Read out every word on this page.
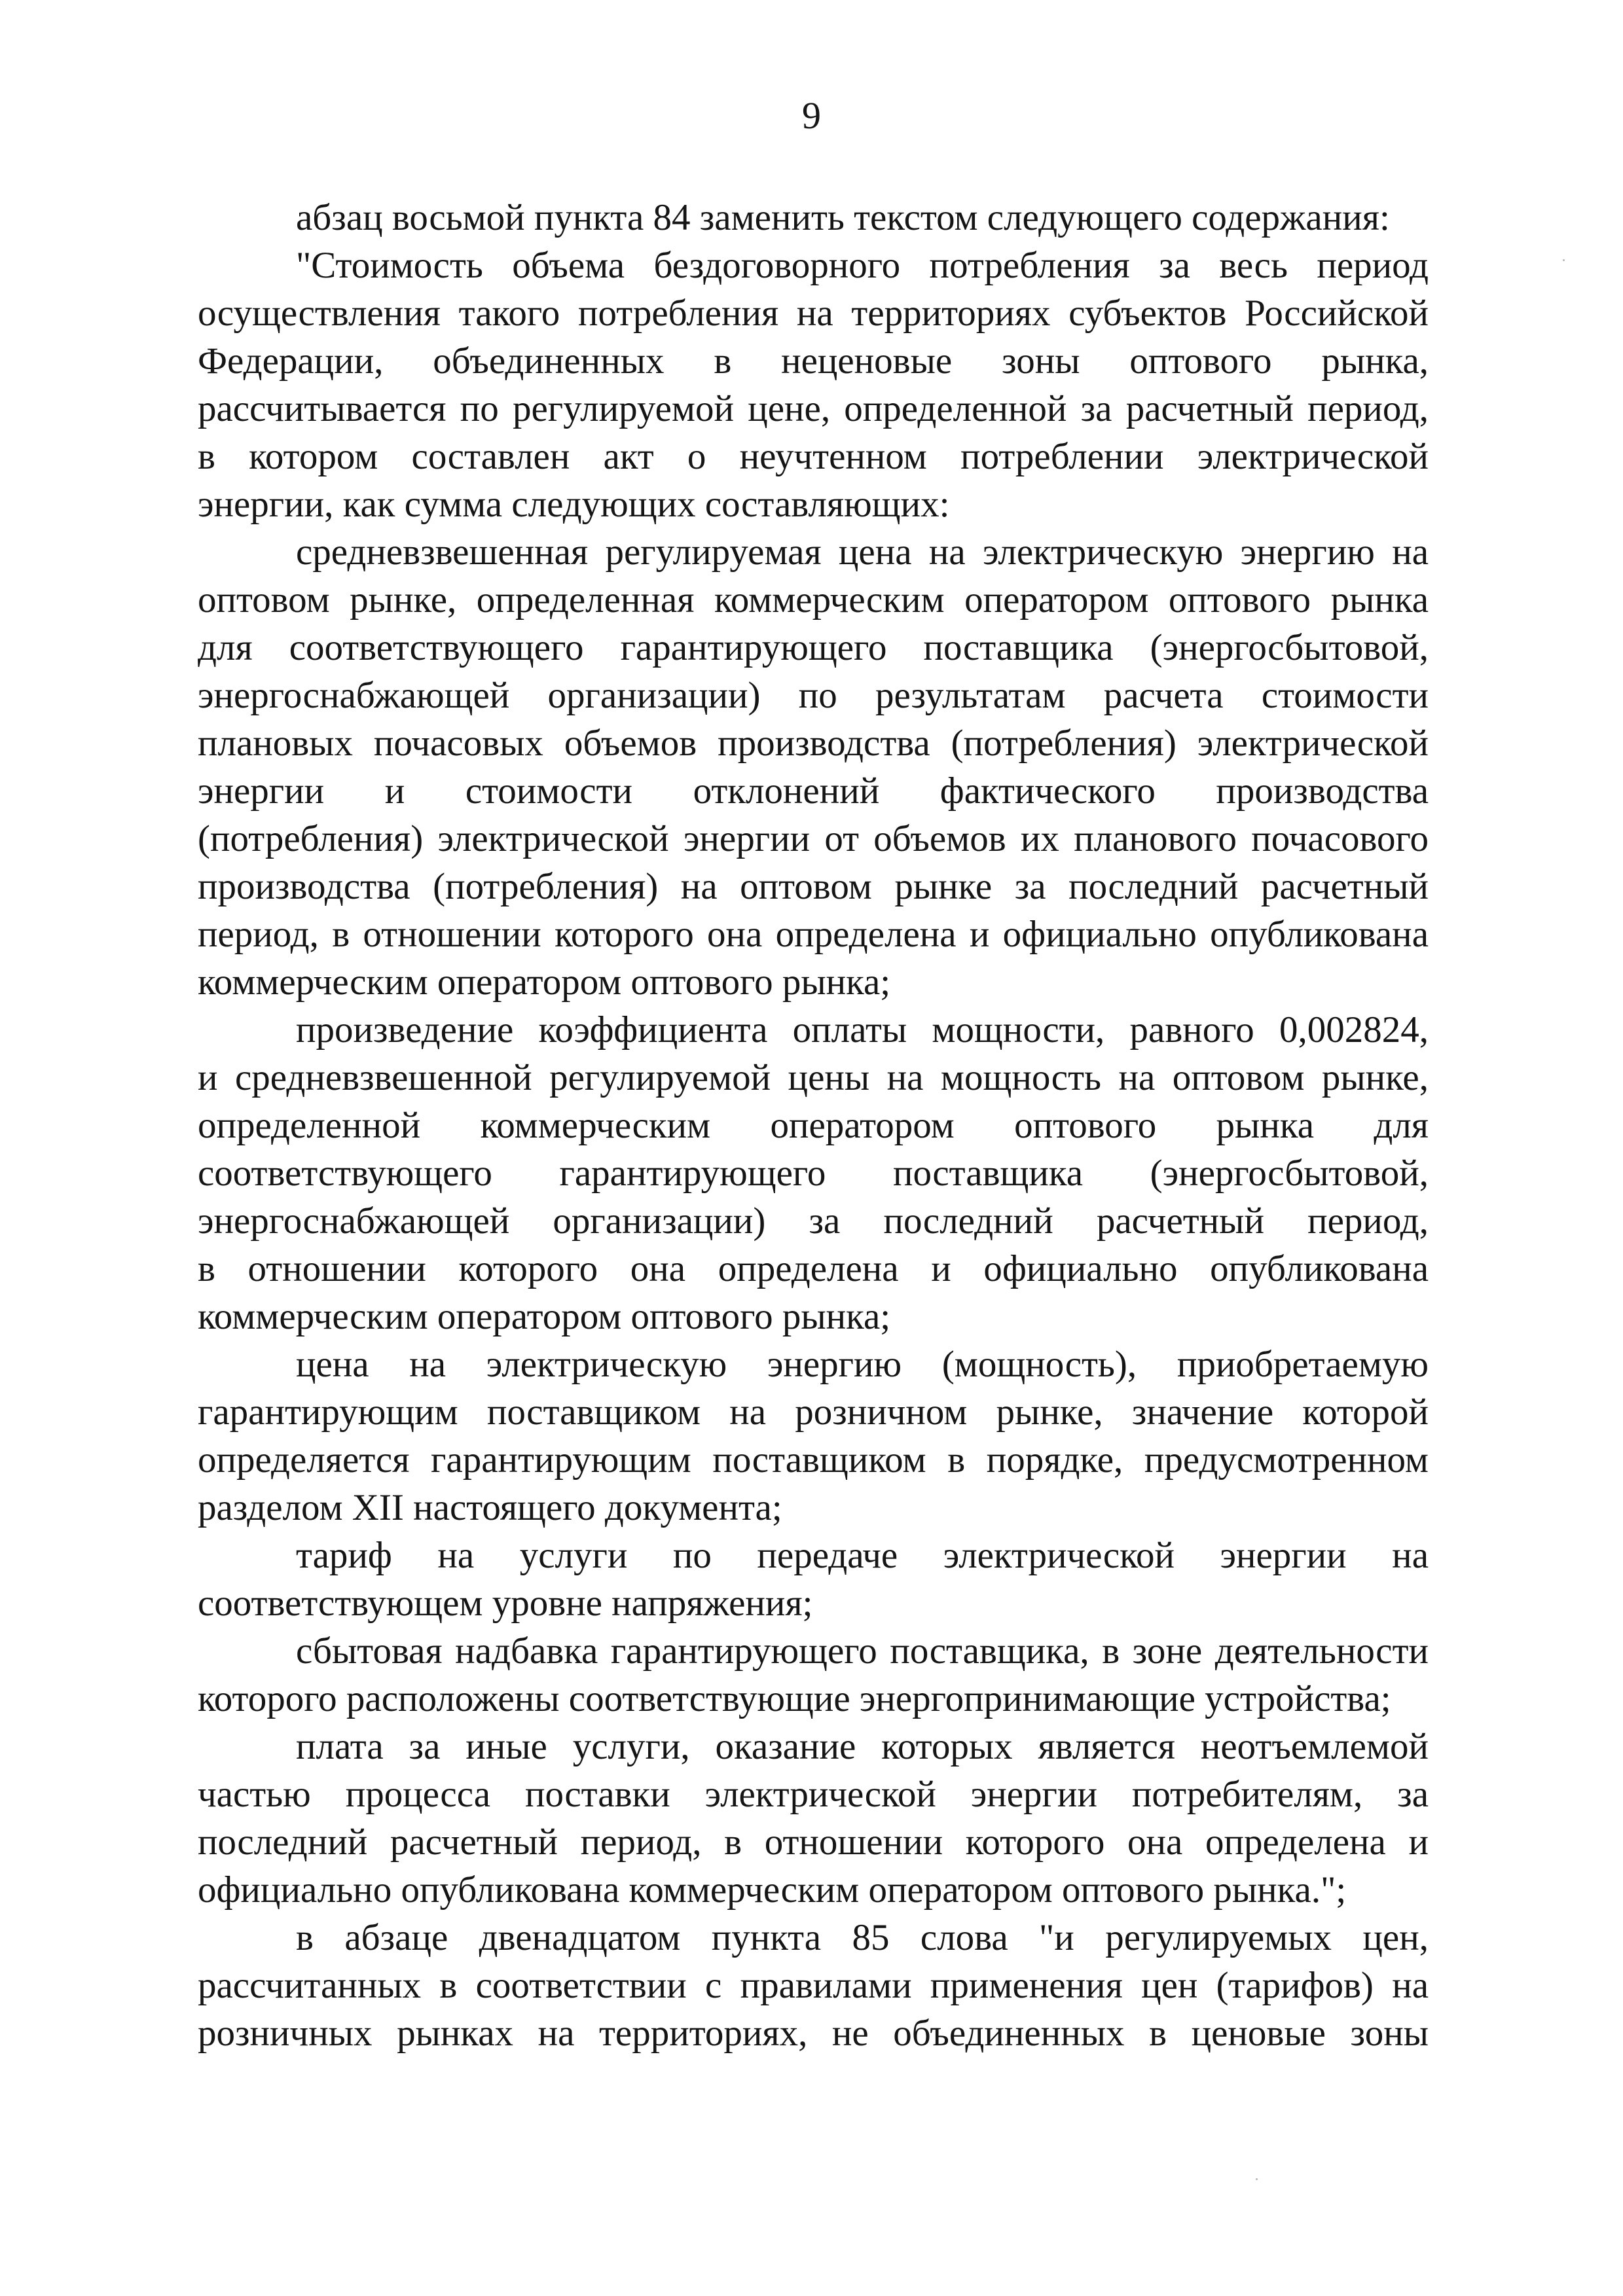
9

абзац восьмой пункта 84 заменить текстом следующего содержания:

"Стоимость объема бездоговорного потребления за весь период
осуществления такого потребления на территориях субъектов Российской
Федерации, объединенных в неценовые зоны оптового рынка,
рассчитывается по регулируемой цене, определенной за расчетный период,
в котором составлен акт о неучтенном потреблении электрической
энергии, как сумма следующих составляющих:

средневзвешенная регулируемая цена на электрическую энергию на
оптовом рынке, определенная коммерческим оператором оптового рынка
для соответствующего гарантирующего поставщика (энергосбытовой,
энергоснабжающей организации) по результатам расчета стоимости
плановых почасовых объемов производства (потребления) электрической
энергии и стоимости отклонений фактического производства
(потребления) электрической энергии от объемов их планового почасового
производства (потребления) на оптовом рынке за последний расчетный
период, в отношении которого она определена и официально опубликована
коммерческим оператором оптового рынка;

произведение коэффициента оплаты мощности, равного 0,002824,
и средневзвешенной регулируемой цены на мощность на оптовом рынке,
определенной коммерческим оператором оптового рынка для
соответствующего гарантирующего поставщика (энергосбытовой,
энергоснабжающей организации) за последний расчетный период,
в отношении которого она определена и официально опубликована
коммерческим оператором оптового рынка;

цена на электрическую энергию (мощность), приобретаемую
гарантирующим поставщиком на розничном рынке, значение которой
определяется гарантирующим поставщиком в порядке, предусмотренном
разделом XII настоящего документа;

тариф на услуги по передаче электрической энергии на
соответствующем уровне напряжения;

сбытовая надбавка гарантирующего поставщика, в зоне деятельности
которого расположены соответствующие энергопринимающие устройства;

плата за иные услуги, оказание которых является неотъемлемой
частью процесса поставки электрической энергии потребителям, за
последний расчетный период, в отношении которого она определена и
официально опубликована коммерческим оператором оптового рынка.";

в абзаце двенадцатом пункта 85 слова "и регулируемых цен,
рассчитанных в соответствии с правилами применения цен (тарифов) на
розничных рынках на территориях, не объединенных в ценовые зоны
